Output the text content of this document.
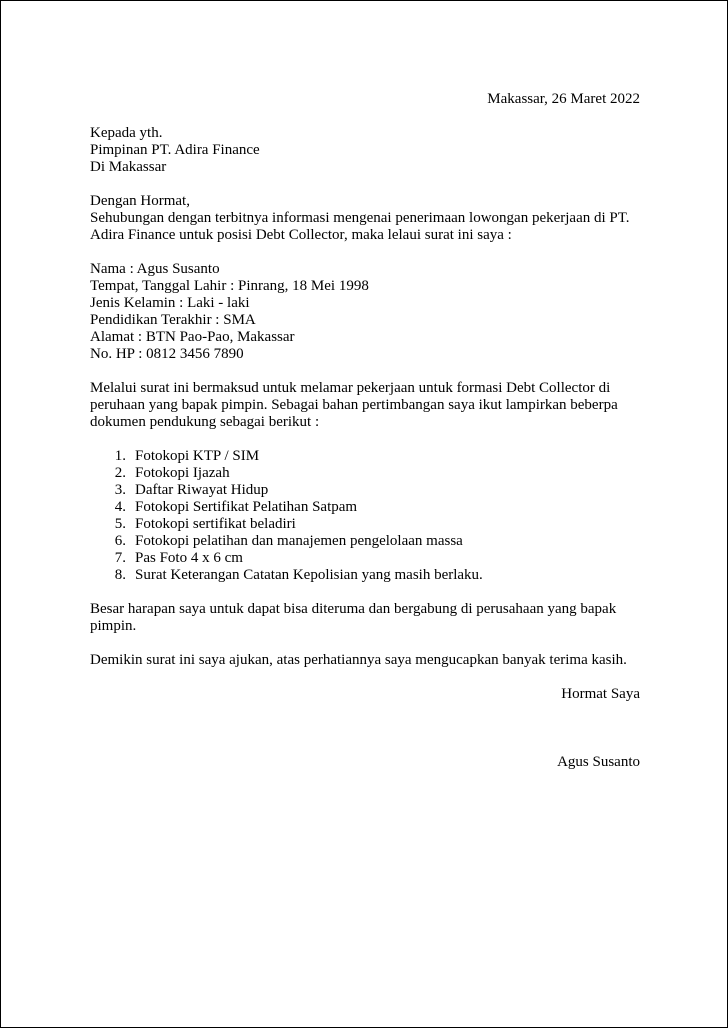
Makassar, 26 Maret 2022
Kepada yth.
Pimpinan PT. Adira Finance
Di Makassar
Dengan Hormat,
Sehubungan dengan terbitnya informasi mengenai penerimaan lowongan pekerjaan di PT.
Adira Finance untuk posisi Debt Collector, maka lelaui surat ini saya :
Nama : Agus Susanto
Tempat, Tanggal Lahir : Pinrang, 18 Mei 1998
Jenis Kelamin : Laki - laki
Pendidikan Terakhir : SMA
Alamat : BTN Pao-Pao, Makassar
No. HP : 0812 3456 7890
Melalui surat ini bermaksud untuk melamar pekerjaan untuk formasi Debt Collector di
peruhaan yang bapak pimpin. Sebagai bahan pertimbangan saya ikut lampirkan beberpa
dokumen pendukung sebagai berikut :
1. Fotokopi KTP / SIM
2. Fotokopi Ijazah
3. Daftar Riwayat Hidup
4. Fotokopi Sertifikat Pelatihan Satpam
5. Fotokopi sertifikat beladiri
6. Fotokopi pelatihan dan manajemen pengelolaan massa
7. Pas Foto 4 x 6 cm
8. Surat Keterangan Catatan Kepolisian yang masih berlaku.
Besar harapan saya untuk dapat bisa diteruma dan bergabung di perusahaan yang bapak
pimpin.
Demikin surat ini saya ajukan, atas perhatiannya saya mengucapkan banyak terima kasih.
Hormat Saya
Agus Susanto
